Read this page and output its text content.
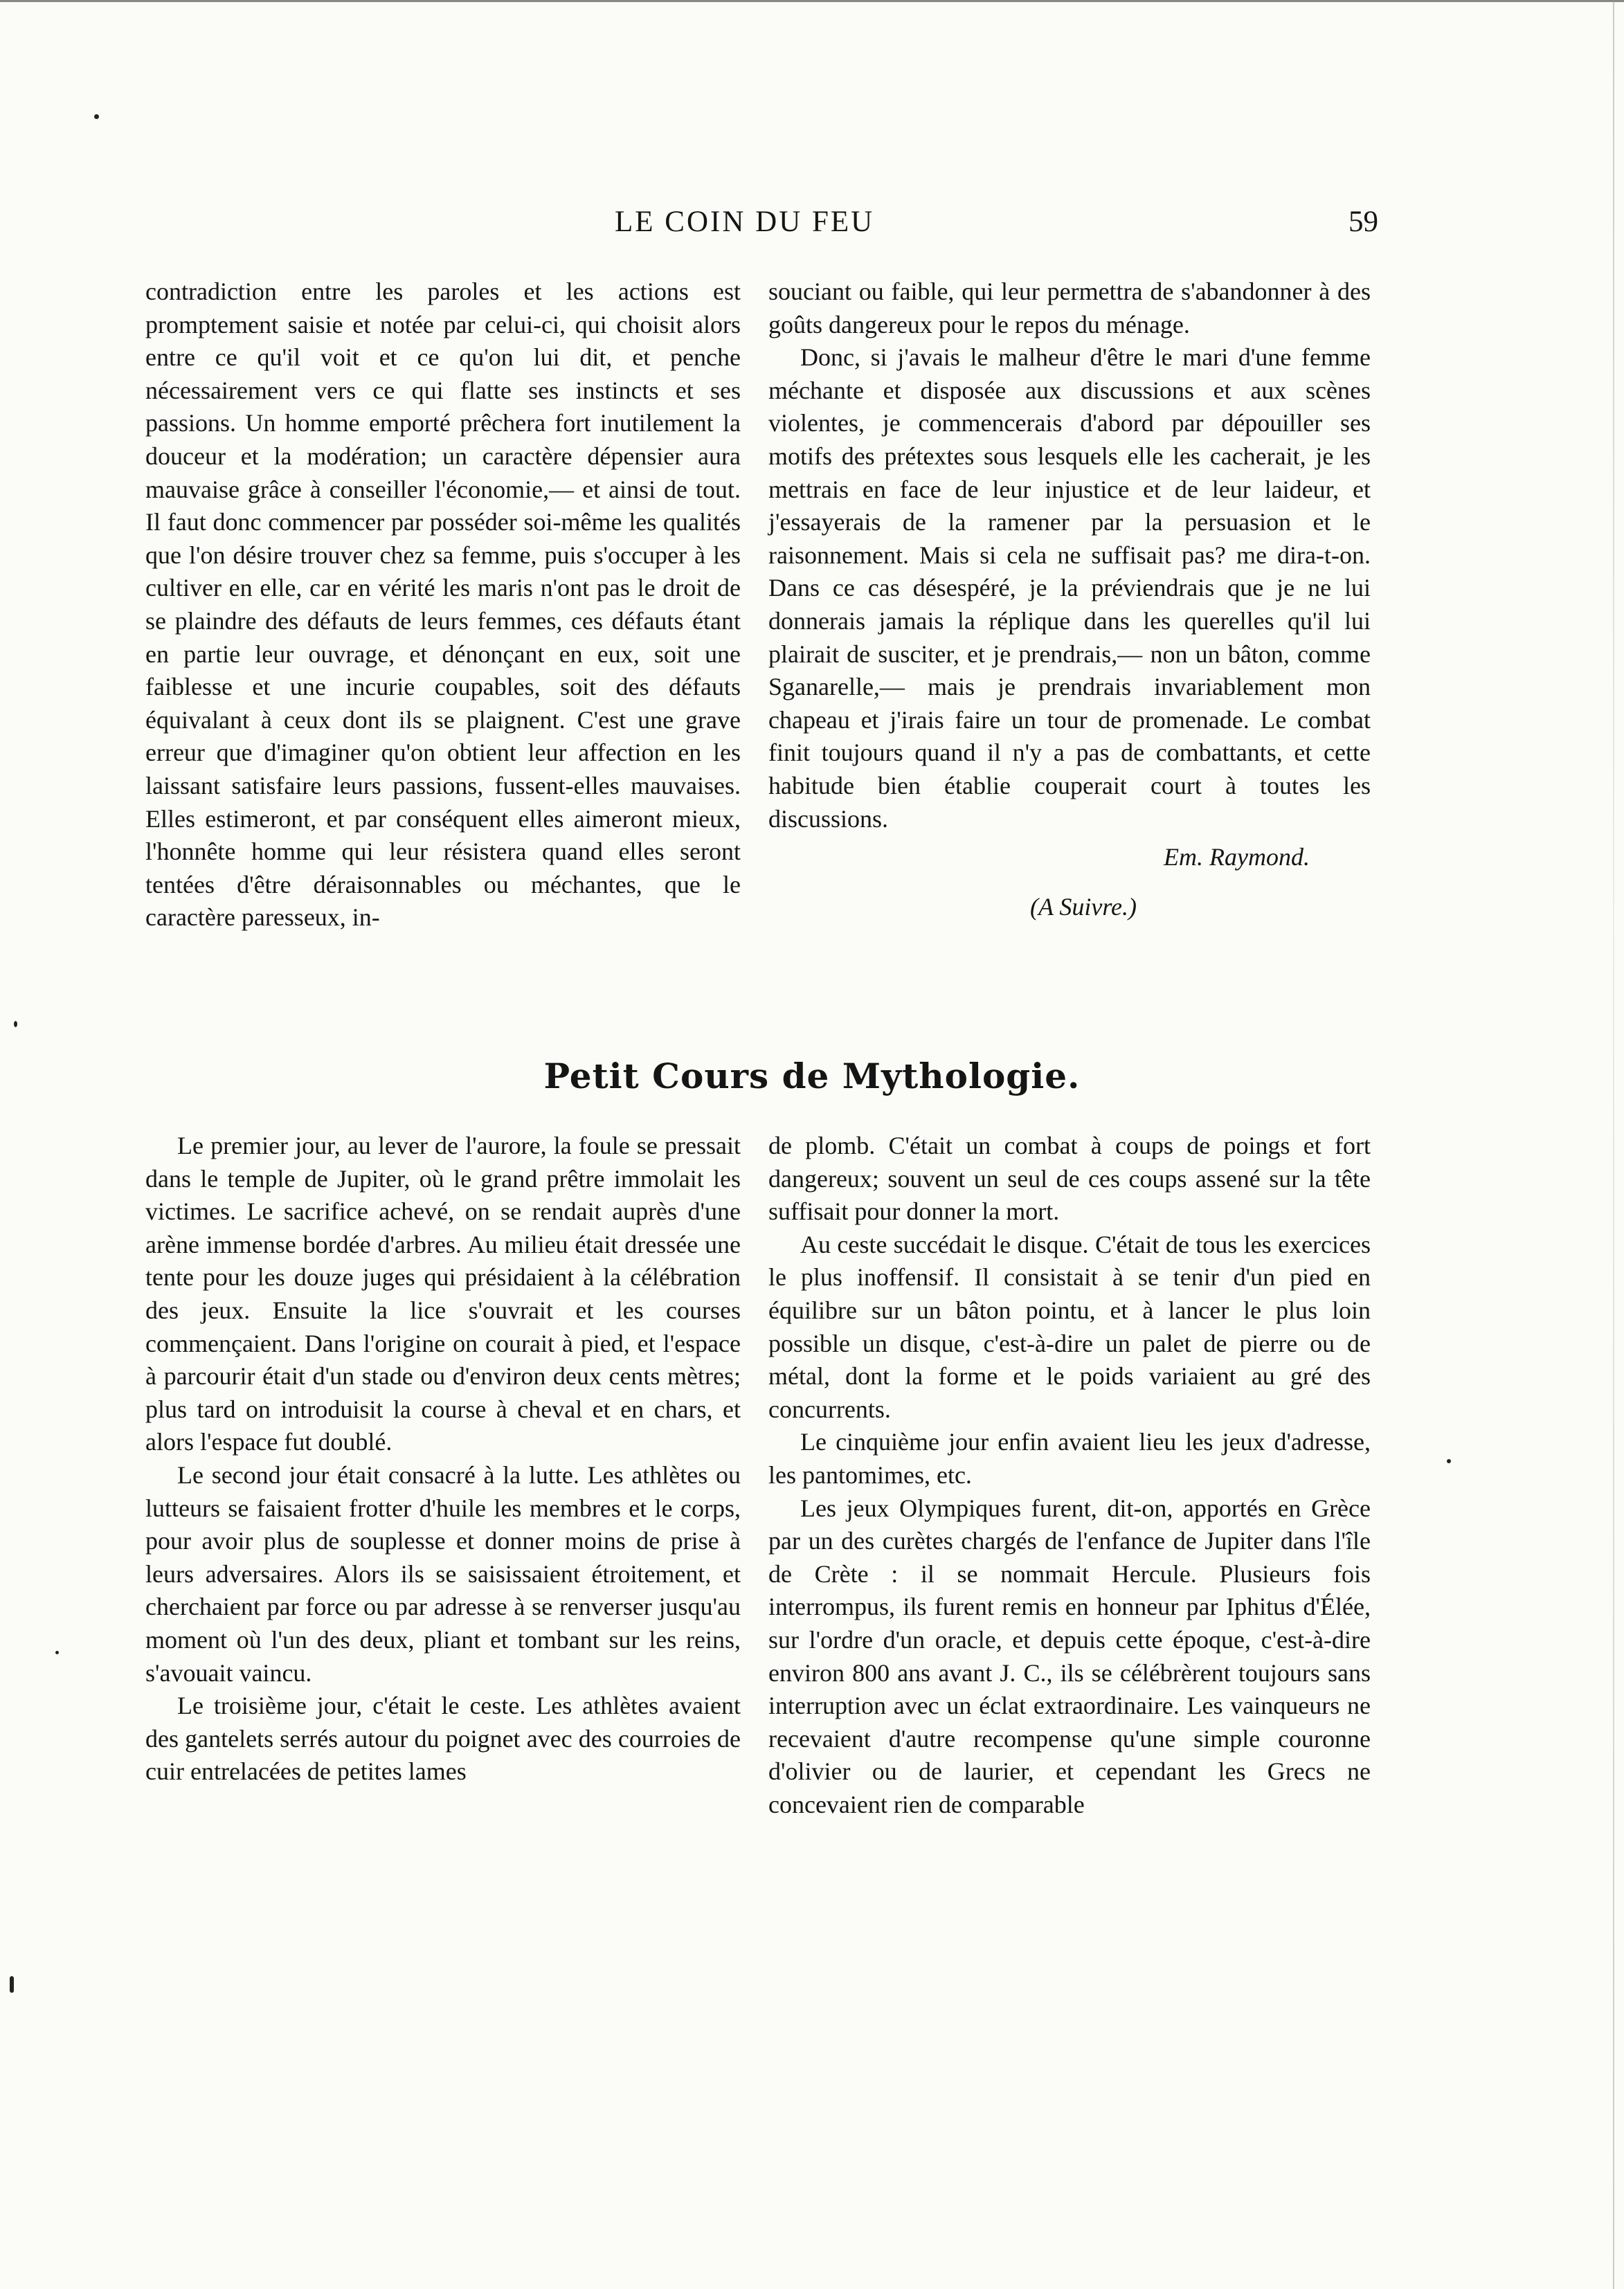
LE COIN DU FEU	59

contradiction entre les paroles et les actions est promptement saisie et notée par celui-ci, qui choisit alors entre ce qu'il voit et ce qu'on lui dit, et penche nécessairement vers ce qui flatte ses instincts et ses passions. Un homme emporté prêchera fort inutilement la douceur et la modération; un caractère dépensier aura mauvaise grâce à conseiller l'économie,— et ainsi de tout. Il faut donc commencer par posséder soi-même les qualités que l'on désire trouver chez sa femme, puis s'occuper à les cultiver en elle, car en vérité les maris n'ont pas le droit de se plaindre des défauts de leurs femmes, ces défauts étant en partie leur ouvrage, et dénonçant en eux, soit une faiblesse et une incurie coupables, soit des défauts équivalant à ceux dont ils se plaignent. C'est une grave erreur que d'imaginer qu'on obtient leur affection en les laissant satisfaire leurs passions, fussent-elles mauvaises. Elles estimeront, et par conséquent elles aimeront mieux, l'honnête homme qui leur résistera quand elles seront tentées d'être déraisonnables ou méchantes, que le caractère paresseux, in-

souciant ou faible, qui leur permettra de s'abandonner à des goûts dangereux pour le repos du ménage.

Donc, si j'avais le malheur d'être le mari d'une femme méchante et disposée aux discussions et aux scènes violentes, je commencerais d'abord par dépouiller ses motifs des prétextes sous lesquels elle les cacherait, je les mettrais en face de leur injustice et de leur laideur, et j'essayerais de la ramener par la persuasion et le raisonnement. Mais si cela ne suffisait pas? me dira-t-on. Dans ce cas désespéré, je la préviendrais que je ne lui donnerais jamais la réplique dans les querelles qu'il lui plairait de susciter, et je prendrais,— non un bâton, comme Sganarelle,— mais je prendrais invariablement mon chapeau et j'irais faire un tour de promenade. Le combat finit toujours quand il n'y a pas de combattants, et cette habitude bien établie couperait court à toutes les discussions.

Em. Raymond.

(A Suivre.)

Petit Cours de Mythologie.

Le premier jour, au lever de l'aurore, la foule se pressait dans le temple de Jupiter, où le grand prêtre immolait les victimes. Le sacrifice achevé, on se rendait auprès d'une arène immense bordée d'arbres. Au milieu était dressée une tente pour les douze juges qui présidaient à la célébration des jeux. Ensuite la lice s'ouvrait et les courses commençaient. Dans l'origine on courait à pied, et l'espace à parcourir était d'un stade ou d'environ deux cents mètres; plus tard on introduisit la course à cheval et en chars, et alors l'espace fut doublé.

Le second jour était consacré à la lutte. Les athlètes ou lutteurs se faisaient frotter d'huile les membres et le corps, pour avoir plus de souplesse et donner moins de prise à leurs adversaires. Alors ils se saisissaient étroitement, et cherchaient par force ou par adresse à se renverser jusqu'au moment où l'un des deux, pliant et tombant sur les reins, s'avouait vaincu.

Le troisième jour, c'était le ceste. Les athlètes avaient des gantelets serrés autour du poignet avec des courroies de cuir entrelacées de petites lames

de plomb. C'était un combat à coups de poings et fort dangereux; souvent un seul de ces coups assené sur la tête suffisait pour donner la mort.

Au ceste succédait le disque. C'était de tous les exercices le plus inoffensif. Il consistait à se tenir d'un pied en équilibre sur un bâton pointu, et à lancer le plus loin possible un disque, c'est-à-dire un palet de pierre ou de métal, dont la forme et le poids variaient au gré des concurrents.

Le cinquième jour enfin avaient lieu les jeux d'adresse, les pantomimes, etc.

Les jeux Olympiques furent, dit-on, apportés en Grèce par un des curètes chargés de l'enfance de Jupiter dans l'île de Crète : il se nommait Hercule. Plusieurs fois interrompus, ils furent remis en honneur par Iphitus d'Élée, sur l'ordre d'un oracle, et depuis cette époque, c'est-à-dire environ 800 ans avant J. C., ils se célébrèrent toujours sans interruption avec un éclat extraordinaire. Les vainqueurs ne recevaient d'autre recompense qu'une simple couronne d'olivier ou de laurier, et cependant les Grecs ne concevaient rien de comparable
